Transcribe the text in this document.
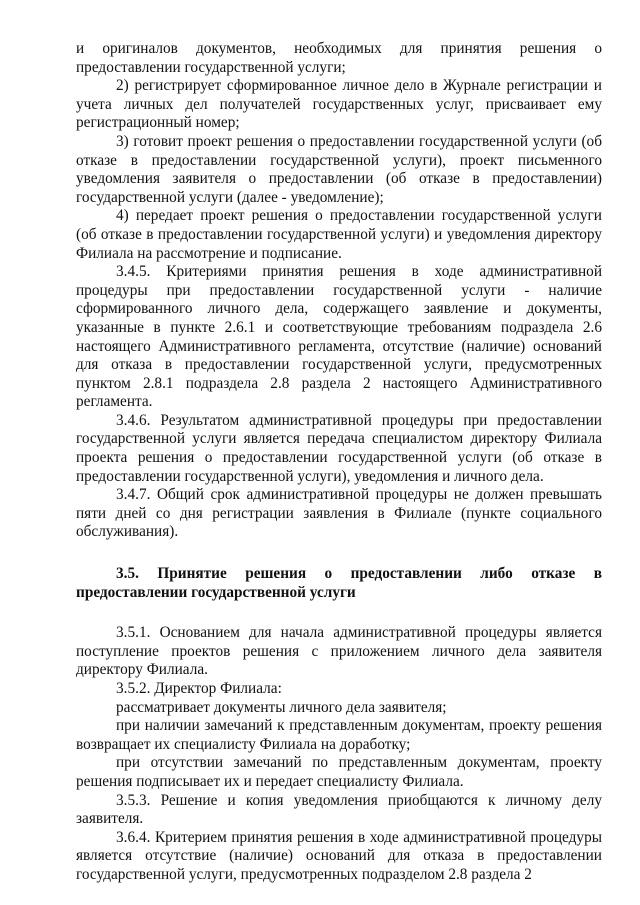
и оригиналов документов, необходимых для принятия решения о предоставлении государственной услуги;

2) регистрирует сформированное личное дело в Журнале регистрации и учета личных дел получателей государственных услуг, присваивает ему регистрационный номер;

3) готовит проект решения о предоставлении государственной услуги (об отказе в предоставлении государственной услуги), проект письменного уведомления заявителя о предоставлении (об отказе в предоставлении) государственной услуги (далее - уведомление);

4) передает проект решения о предоставлении государственной услуги (об отказе в предоставлении государственной услуги) и уведомления директору Филиала на рассмотрение и подписание.

3.4.5. Критериями принятия решения в ходе административной процедуры при предоставлении государственной услуги - наличие сформированного личного дела, содержащего заявление и документы, указанные в пункте 2.6.1 и соответствующие требованиям подраздела 2.6 настоящего Административного регламента, отсутствие (наличие) оснований для отказа в предоставлении государственной услуги, предусмотренных пунктом 2.8.1 подраздела 2.8 раздела 2 настоящего Административного регламента.

3.4.6. Результатом административной процедуры при предоставлении государственной услуги является передача специалистом директору Филиала проекта решения о предоставлении государственной услуги (об отказе в предоставлении государственной услуги), уведомления и личного дела.

3.4.7. Общий срок административной процедуры не должен превышать пяти дней со дня регистрации заявления в Филиале (пункте социального обслуживания).

3.5. Принятие решения о предоставлении либо отказе в предоставлении государственной услуги

3.5.1. Основанием для начала административной процедуры является поступление проектов решения с приложением личного дела заявителя директору Филиала.

3.5.2. Директор Филиала:

рассматривает документы личного дела заявителя;

при наличии замечаний к представленным документам, проекту решения возвращает их специалисту Филиала на доработку;

при отсутствии замечаний по представленным документам, проекту решения подписывает их и передает специалисту Филиала.

3.5.3. Решение и копия уведомления приобщаются к личному делу заявителя.

3.6.4. Критерием принятия решения в ходе административной процедуры является отсутствие (наличие) оснований для отказа в предоставлении государственной услуги, предусмотренных подразделом 2.8 раздела 2
